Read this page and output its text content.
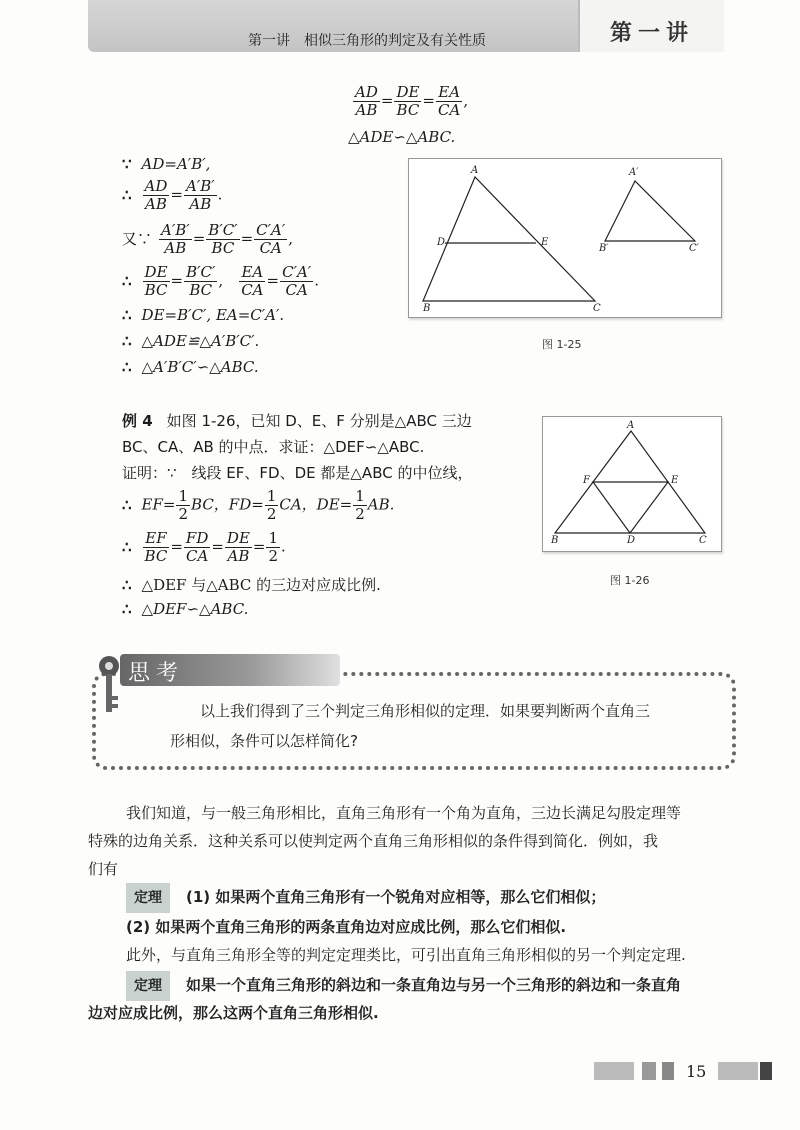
第一讲　相似三角形的判定及有关性质	第一讲
$\frac{AD}{AB} = \frac{DE}{BC} = \frac{EA}{CA}$ ,
△ADE∽△ABC.
∵ AD=A′B′,
∴ $\frac{AD}{AB} = \frac{A'B'}{AB}$ .
又∵ $\frac{A'B'}{AB} = \frac{B'C'}{BC} = \frac{C'A'}{CA}$ ,
∴ $\frac{DE}{BC} = \frac{B'C'}{BC}$ ,　 $\frac{EA}{CA} = \frac{C'A'}{CA}$ .
∴ DE=B′C′, EA=C′A′.
∴ △ADE≌△A′B′C′.
∴ △A′B′C′∽△ABC.
A
B	C
D	E
A′
B′	C′
图 1-25
例 4 如图 1-26，已知 D、E、F 分别是△ABC 三边
BC、CA、AB 的中点．求证：△DEF∽△ABC.
证明：∵　线段 EF、FD、DE 都是△ABC 的中位线，
∴ $EF= \frac{1}{2}$ BC，$FD= \frac{1}{2}$ CA，$DE= \frac{1}{2}$ AB.
∴ $\frac{EF}{BC} = \frac{FD}{CA} = \frac{DE}{AB} = \frac{1}{2}$ .
∴ △DEF 与△ABC 的三边对应成比例.
∴ △DEF∽△ABC.
A
B	C
D
E
F
图 1-26
思考
以上我们得到了三个判定三角形相似的定理．如果要判断两个直角三
形相似，条件可以怎样简化?
我们知道，与一般三角形相比，直角三角形有一个角为直角，三边长满足勾股定理等
特殊的边角关系．这种关系可以使判定两个直角三角形相似的条件得到简化．例如，我
们有
定理 (1) 如果两个直角三角形有一个锐角对应相等，那么它们相似；
(2) 如果两个直角三角形的两条直角边对应成比例，那么它们相似.
此外，与直角三角形全等的判定定理类比，可引出直角三角形相似的另一个判定定理.
定理 如果一个直角三角形的斜边和一条直角边与另一个三角形的斜边和一条直角
边对应成比例，那么这两个直角三角形相似.
15
